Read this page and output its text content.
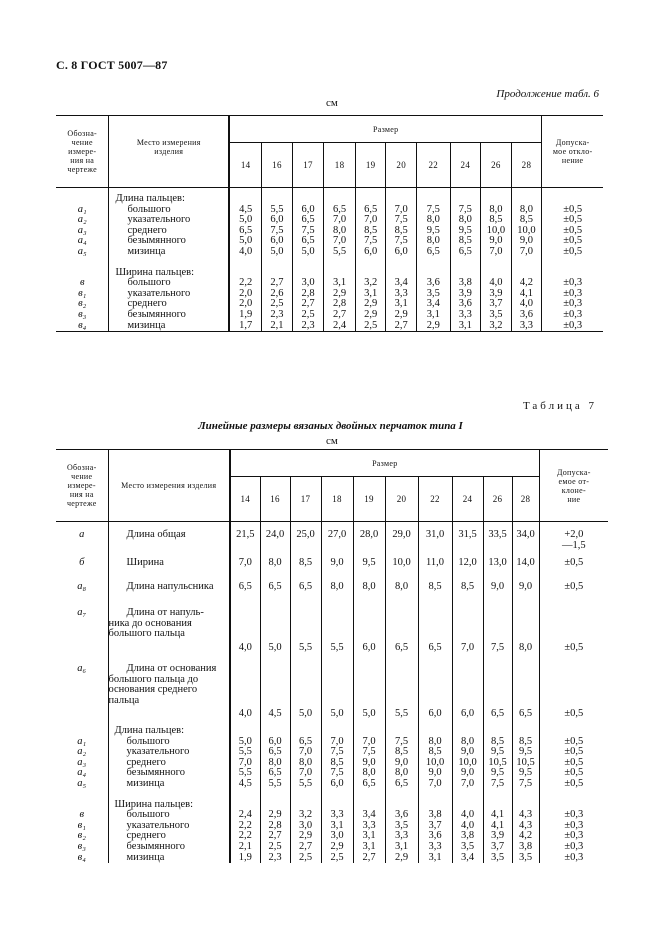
С. 8 ГОСТ 5007—87
Продолжение табл. 6
см
Обозна-
чение
измере-
ния на
чертеже	Место измерения
изделия	Размер										Допуска-
мое откло-
нение
		14	16	17	18	19	20	22	24	26	28	

	Длина пальцев:											
а₁	большого	4,5	5,5	6,0	6,5	6,5	7,0	7,5	7,5	8,0	8,0	±0,5
а₂	указательного	5,0	6,0	6,5	7,0	7,0	7,5	8,0	8,0	8,5	8,5	±0,5
а₃	среднего	6,5	7,5	7,5	8,0	8,5	8,5	9,5	9,5	10,0	10,0	±0,5
а₄	безымянного	5,0	6,0	6,5	7,0	7,5	7,5	8,0	8,5	9,0	9,0	±0,5
а₅	мизинца	4,0	5,0	5,0	5,5	6,0	6,0	6,5	6,5	7,0	7,0	±0,5

	Ширина пальцев:											
в	большого	2,2	2,7	3,0	3,1	3,2	3,4	3,6	3,8	4,0	4,2	±0,3
в₁	указательного	2,0	2,6	2,8	2,9	3,1	3,3	3,5	3,9	3,9	4,1	±0,3
в₂	среднего	2,0	2,5	2,7	2,8	2,9	3,1	3,4	3,6	3,7	4,0	±0,3
в₃	безымянного	1,9	2,3	2,5	2,7	2,9	2,9	3,1	3,3	3,5	3,6	±0,3
в₄	мизинца	1,7	2,1	2,3	2,4	2,5	2,7	2,9	3,1	3,2	3,3	±0,3
Таблица 7
Линейные размеры вязаных двойных перчаток типа I
см
Обозна-
чение
измере-
ния на
чертеже	Место измерения изделия	Размер										Допуска-
емое от-
клоне-
ние
		14	16	17	18	19	20	22	24	26	28	

а	Длина общая	21,5	24,0	25,0	27,0	28,0	29,0	31,0	31,5	33,5	34,0	+2,0
—1,5

б	Ширина	7,0	8,0	8,5	9,0	9,5	10,0	11,0	12,0	13,0	14,0	±0,5

а₈	Длина напульсника	6,5	6,5	6,5	8,0	8,0	8,0	8,5	8,5	9,0	9,0	±0,5

а₇	Длина от напуль-
ника до основания
большого пальца	4,0	5,0	5,5	5,5	6,0	6,5	6,5	7,0	7,5	8,0	±0,5

а₆	Длина от основания
большого пальца до
основания среднего
пальца	4,0	4,5	5,0	5,0	5,0	5,5	6,0	6,0	6,5	6,5	±0,5

	Длина пальцев:											
а₁	большого	5,0	6,0	6,5	7,0	7,0	7,5	8,0	8,0	8,5	8,5	±0,5
а₂	указательного	5,5	6,5	7,0	7,5	7,5	8,5	8,5	9,0	9,5	9,5	±0,5
а₃	среднего	7,0	8,0	8,0	8,5	9,0	9,0	10,0	10,0	10,5	10,5	±0,5
а₄	безымянного	5,5	6,5	7,0	7,5	8,0	8,0	9,0	9,0	9,5	9,5	±0,5
а₅	мизинца	4,5	5,5	5,5	6,0	6,5	6,5	7,0	7,0	7,5	7,5	±0,5

	Ширина пальцев:											
в	большого	2,4	2,9	3,2	3,3	3,4	3,6	3,8	4,0	4,1	4,3	±0,3
в₁	указательного	2,2	2,8	3,0	3,1	3,3	3,5	3,7	4,0	4,1	4,3	±0,3
в₂	среднего	2,2	2,7	2,9	3,0	3,1	3,3	3,6	3,8	3,9	4,2	±0,3
в₃	безымянного	2,1	2,5	2,7	2,9	3,1	3,1	3,3	3,5	3,7	3,8	±0,3
в₄	мизинца	1,9	2,3	2,5	2,5	2,7	2,9	3,1	3,4	3,5	3,5	±0,3
